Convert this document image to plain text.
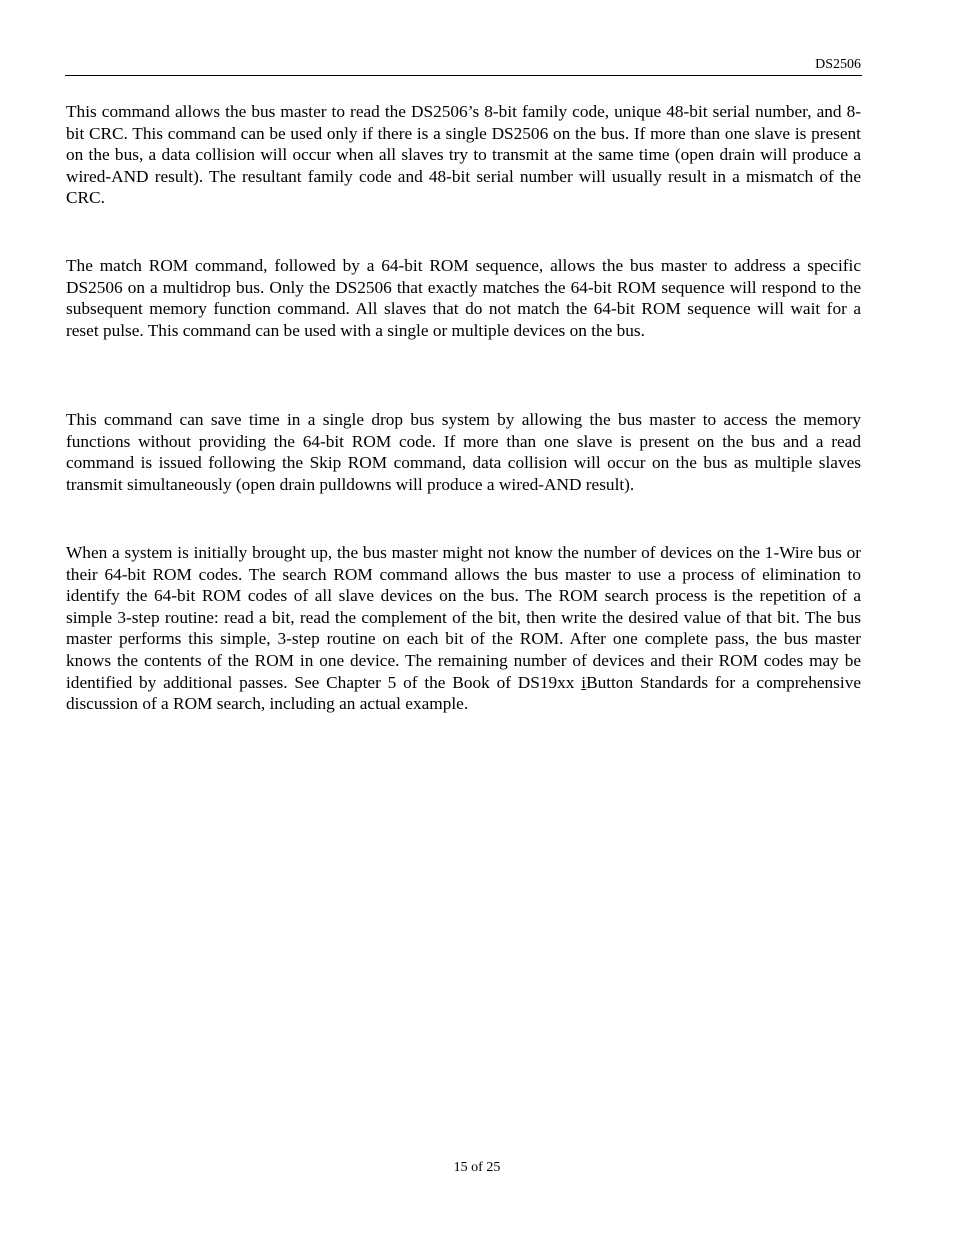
DS2506

This command allows the bus master to read the DS2506’s 8-bit family code, unique 48-bit serial number, and 8-bit CRC. This command can be used only if there is a single DS2506 on the bus. If more than one slave is present on the bus, a data collision will occur when all slaves try to transmit at the same time (open drain will produce a wired-AND result). The resultant family code and 48-bit serial number will usually result in a mismatch of the CRC.

The match ROM command, followed by a 64-bit ROM sequence, allows the bus master to address a specific DS2506 on a multidrop bus. Only the DS2506 that exactly matches the 64-bit ROM sequence will respond to the subsequent memory function command. All slaves that do not match the 64-bit ROM sequence will wait for a reset pulse. This command can be used with a single or multiple devices on the bus.

This command can save time in a single drop bus system by allowing the bus master to access the memory functions without providing the 64-bit ROM code. If more than one slave is present on the bus and a read command is issued following the Skip ROM command, data collision will occur on the bus as multiple slaves transmit simultaneously (open drain pulldowns will produce a wired-AND result).

When a system is initially brought up, the bus master might not know the number of devices on the 1-Wire bus or their 64-bit ROM codes. The search ROM command allows the bus master to use a process of elimination to identify the 64-bit ROM codes of all slave devices on the bus. The ROM search process is the repetition of a simple 3-step routine: read a bit, read the complement of the bit, then write the desired value of that bit. The bus master performs this simple, 3-step routine on each bit of the ROM. After one complete pass, the bus master knows the contents of the ROM in one device. The remaining number of devices and their ROM codes may be identified by additional passes. See Chapter 5 of the Book of DS19xx iButton Standards for a comprehensive discussion of a ROM search, including an actual example.

15 of 25
